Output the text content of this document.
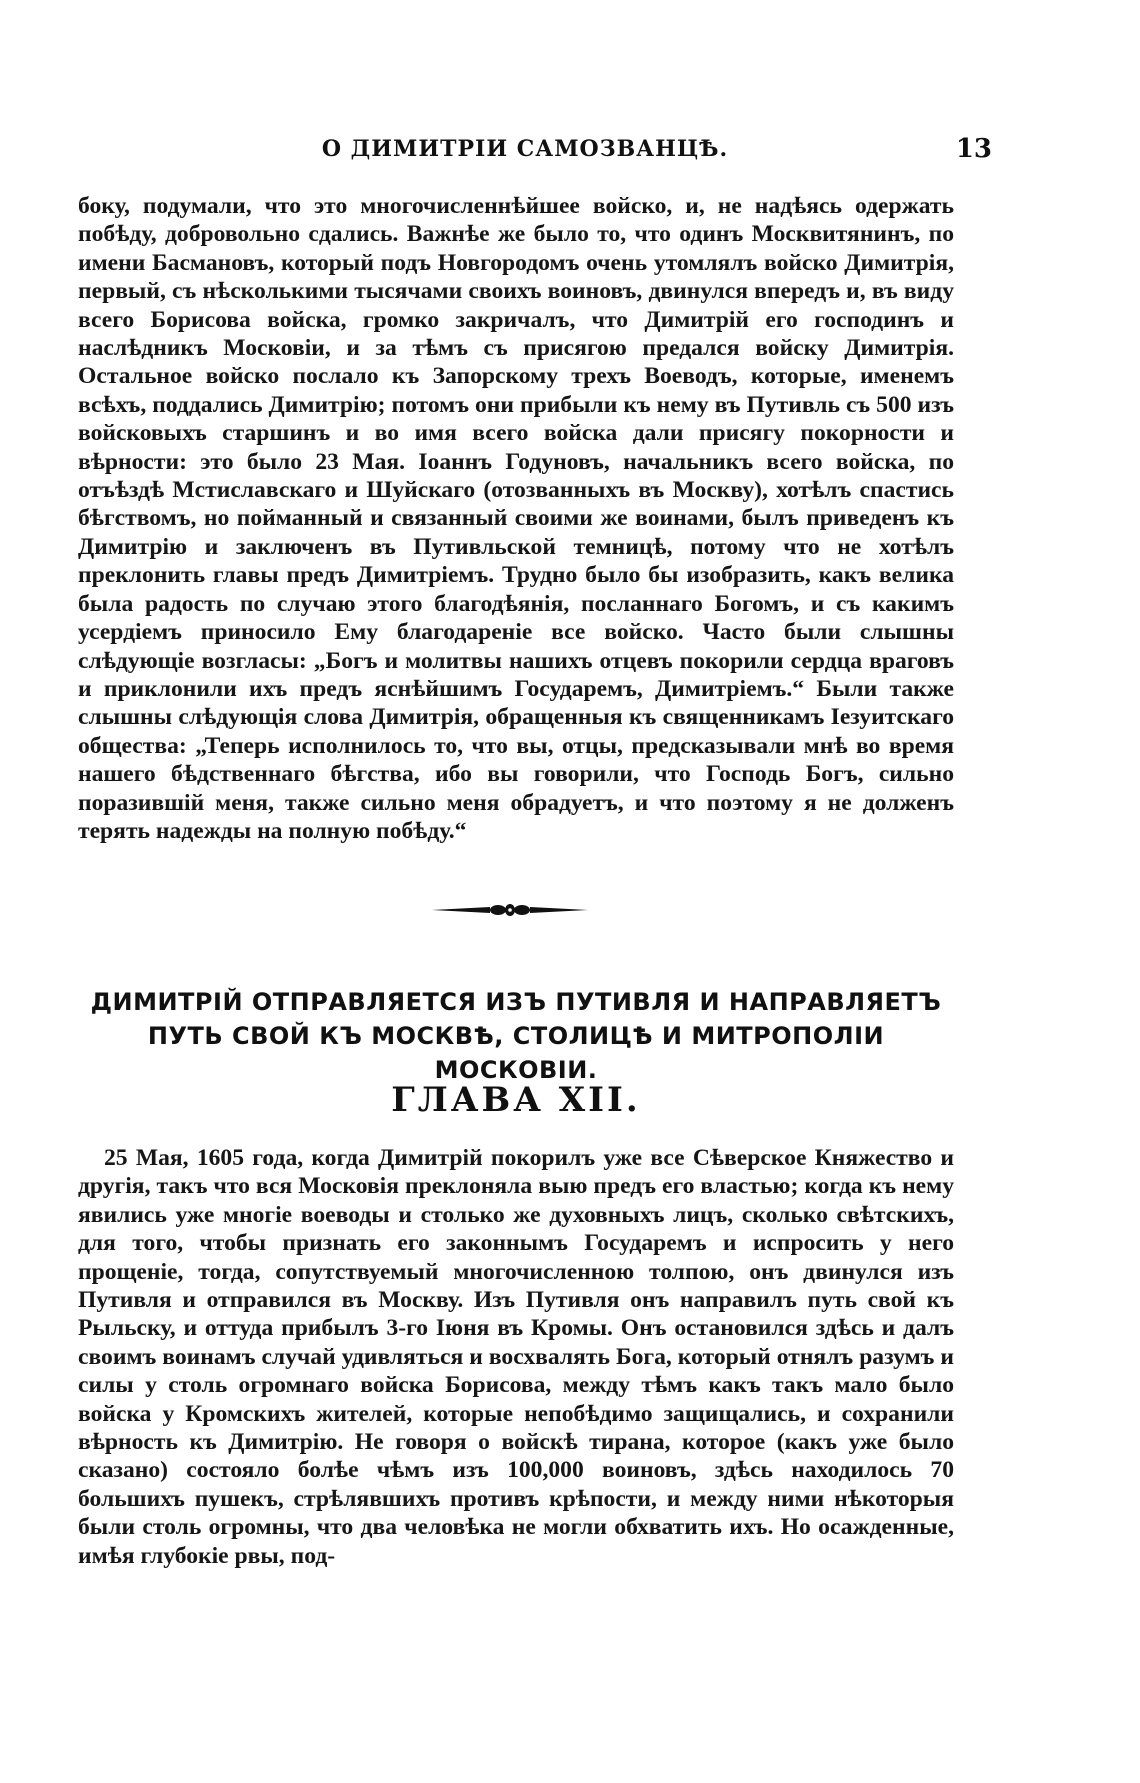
О ДИМИТРІИ САМОЗВАНЦѢ.	13
боку, подумали, что это многочисленнѣйшее войско, и, не надѣясь одержать побѣду, добровольно сдались. Важнѣе же было то, что одинъ Москвитянинъ, по имени Басмановъ, который подъ Новгородомъ очень утомлялъ войско Димитрія, первый, съ нѣсколькими тысячами своихъ воиновъ, двинулся впередъ и, въ виду всего Борисова войска, громко закричалъ, что Димитрій его господинъ и наслѣдникъ Московіи, и за тѣмъ съ присягою предался войску Димитрія. Остальное войско послало къ Запорскому трехъ Воеводъ, которые, именемъ всѣхъ, поддались Димитрію; потомъ они прибыли къ нему въ Путивль съ 500 изъ войсковыхъ старшинъ и во имя всего войска дали присягу покорности и вѣрности: это было 23 Мая. Іоаннъ Годуновъ, начальникъ всего войска, по отъѣздѣ Мстиславскаго и Шуйскаго (отозванныхъ въ Москву), хотѣлъ спастись бѣгствомъ, но пойманный и связанный своими же воинами, былъ приведенъ къ Димитрію и заключенъ въ Путивльской темницѣ, потому что не хотѣлъ преклонить главы предъ Димитріемъ. Трудно было бы изобразить, какъ велика была радость по случаю этого благодѣянія, посланнаго Богомъ, и съ какимъ усердіемъ приносило Ему благодареніе все войско. Часто были слышны слѣдующіе возгласы: „Богъ и молитвы нашихъ отцевъ покорили сердца враговъ и приклонили ихъ предъ яснѣйшимъ Государемъ, Димитріемъ.“ Были также слышны слѣдующія слова Димитрія, обращенныя къ священникамъ Іезуитскаго общества: „Теперь исполнилось то, что вы, отцы, предсказывали мнѣ во время нашего бѣдственнаго бѣгства, ибо вы говорили, что Господь Богъ, сильно поразившій меня, также сильно меня обрадуетъ, и что поэтому я не долженъ терять надежды на полную побѣду.“
ДИМИТРІЙ ОТПРАВЛЯЕТСЯ ИЗЪ ПУТИВЛЯ И НАПРАВЛЯЕТЪ ПУТЬ СВОЙ КЪ МОСКВѢ, СТОЛИЦѢ И МИТРОПОЛІИ МОСКОВІИ.
ГЛАВА XII.
25 Мая, 1605 года, когда Димитрій покорилъ уже все Сѣверское Княжество и другія, такъ что вся Московія преклоняла выю предъ его властью; когда къ нему явились уже многіе воеводы и столько же духовныхъ лицъ, сколько свѣтскихъ, для того, чтобы признать его законнымъ Государемъ и испросить у него прощеніе, тогда, сопутствуемый многочисленною толпою, онъ двинулся изъ Путивля и отправился въ Москву. Изъ Путивля онъ направилъ путь свой къ Рыльску, и оттуда прибылъ 3-го Іюня въ Кромы. Онъ остановился здѣсь и далъ своимъ воинамъ случай удивляться и восхвалять Бога, который отнялъ разумъ и силы у столь огромнаго войска Борисова, между тѣмъ какъ такъ мало было войска у Кромскихъ жителей, которые непобѣдимо защищались, и сохранили вѣрность къ Димитрію. Не говоря о войскѣ тирана, которое (какъ уже было сказано) состояло болѣе чѣмъ изъ 100,000 воиновъ, здѣсь находилось 70 большихъ пушекъ, стрѣлявшихъ противъ крѣпости, и между ними нѣкоторыя были столь огромны, что два человѣка не могли обхватить ихъ. Но осажденные, имѣя глубокіе рвы, под-
